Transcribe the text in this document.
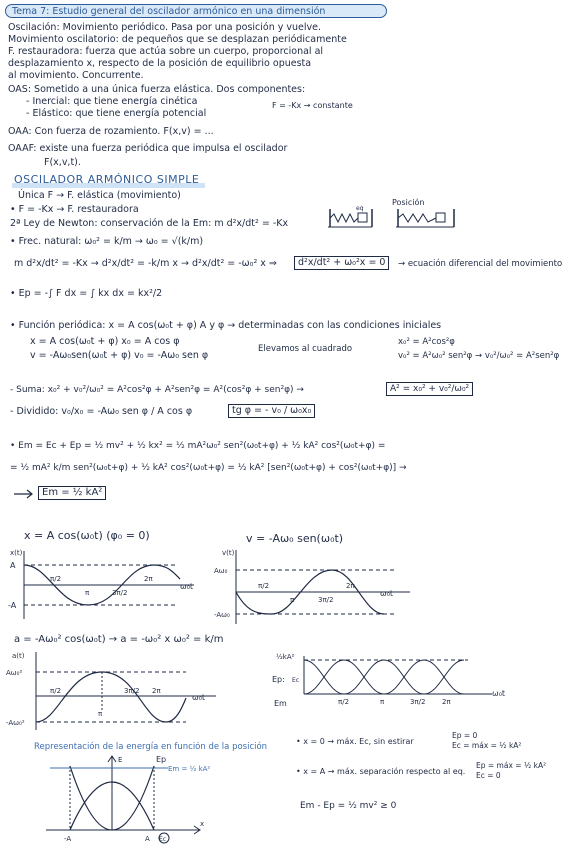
Tema 7: Estudio general del oscilador armónico en una dimensión
Oscilación: Movimiento periódico. Pasa por una posición y vuelve.
Movimiento oscilatorio: de pequeños que se desplazan periódicamente
F. restauradora: fuerza que actúa sobre un cuerpo, proporcional al
desplazamiento x, respecto de la posición de equilibrio opuesta
al movimiento. Concurrente.
OAS: Sometido a una única fuerza elástica. Dos componentes:
- Inercial: que tiene energía cinética	F = -Kx → constante
- Elástico: que tiene energía potencial
OAA: Con fuerza de rozamiento. F(x,v) = ...
OAAF: existe una fuerza periódica que impulsa el oscilador
F(x,v,t).
OSCILADOR ARMÓNICO SIMPLE
Única F → F. elástica (movimiento)
• F = -Kx → F. restauradora
Posición
eq
2ª Ley de Newton: conservación de la Em: m d²x/dt² = -Kx
• Frec. natural: ω₀² = k/m → ω₀ = √(k/m)
m d²x/dt² = -Kx → d²x/dt² = -k/m x → d²x/dt² = -ω₀² x ⇒	d²x/dt² + ω₀²x = 0	→ ecuación diferencial del movimiento
• Ep = -∫ F dx = ∫ kx dx = kx²/2
• Función periódica: x = A cos(ω₀t + φ) A y φ → determinadas con las condiciones iniciales
x = A cos(ω₀t + φ) x₀ = A cos φ	x₀² = A²cos²φ
v = -Aω₀sen(ω₀t + φ) v₀ = -Aω₀ sen φ
Elevamos al cuadrado
v₀² = A²ω₀² sen²φ → v₀²/ω₀² = A²sen²φ
- Suma: x₀² + v₀²/ω₀² = A²cos²φ + A²sen²φ = A²(cos²φ + sen²φ) →	A² = x₀² + v₀²/ω₀²
- Dividido: v₀/x₀ = -Aω₀ sen φ / A cos φ	tg φ = - v₀ / ω₀x₀
• Em = Ec + Ep = ½ mv² + ½ kx² = ½ mA²ω₀² sen²(ω₀t+φ) + ½ kA² cos²(ω₀t+φ) =
= ½ mA² k/m sen²(ω₀t+φ) + ½ kA² cos²(ω₀t+φ) = ½ kA² [sen²(ω₀t+φ) + cos²(ω₀t+φ)] →
Em = ½ kA²
x = A cos(ω₀t) (φ₀ = 0)	v = -Aω₀ sen(ω₀t)
a = -Aω₀² cos(ω₀t) → a = -ω₀² x ω₀² = k/m
x(t)
A
-A
ω₀t
π/2
π	3π/2
2π
v(t)
Aω₀
-Aω₀
ω₀t
π/2
π	3π/2
2π
a(t)
Aω₀²
-Aω₀²
ω₀t
π/2
π
3π/2 2π
½kA²
Ep: Ec
Em
ω₀t
π/2	π	3π/2 2π
Representación de la energía en función de la posición
E	Ep
Em = ½ kA²
-A	A Ec
x
• x = 0 → máx. Ec, sin estirar
Ep = 0
Ec = máx = ½ kA²
• x = A → máx. separación respecto al eq.
Ep = máx = ½ kA²
Ec = 0
Em - Ep = ½ mv² ≥ 0
